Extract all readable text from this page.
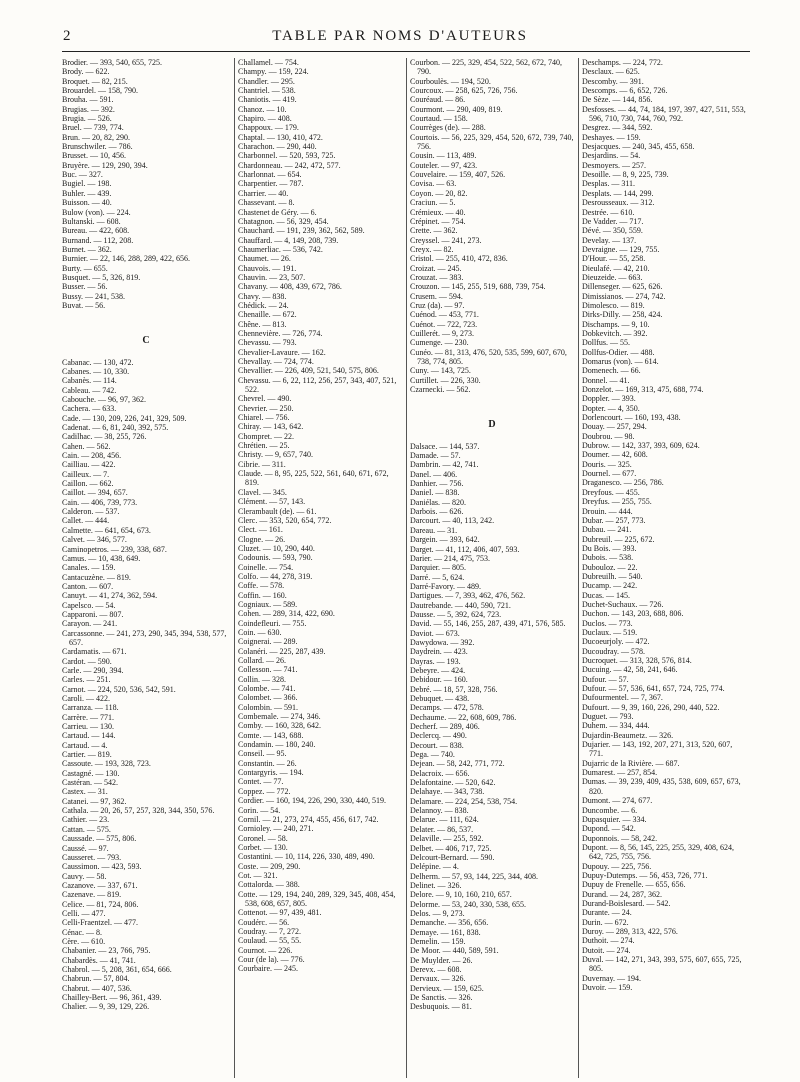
2	TABLE PAR NOMS D'AUTEURS
Brodier. — 393, 540, 655, 725.
Brody. — 622.
Broquet. — 82, 215.
Brouardel. — 158, 790.
Brouha. — 591.
Brugias. — 392.
Brugia. — 526.
Bruel. — 739, 774.
Brun. — 20, 82, 290.
Brunschwiler. — 786.
Brusset. — 10, 456.
Bruyère. — 129, 290, 394.
Buc. — 327.
Bugiel. — 198.
Buhler. — 439.
Buisson. — 40.
Bulow (von). — 224.
Bultanski. — 608.
Bureau. — 422, 608.
Burnand. — 112, 208.
Burnet. — 362.
Burnier. — 22, 146, 288, 289, 422, 656.
Burty. — 655.
Busquet. — 5, 326, 819.
Busser. — 56.
Bussy. — 241, 538.
Buvat. — 56.
C
Cabanac. — 130, 472.
Cabanes. — 10, 330.
Cabanès. — 114.
Cableau. — 742.
Cabouche. — 96, 97, 362.
Cachera. — 633.
Cade. — 130, 209, 226, 241, 329, 509.
Cadenat. — 6, 81, 240, 392, 575.
Cadilhac. — 38, 255, 726.
Cahen. — 562.
Cain. — 208, 456.
Cailliau. — 422.
Cailleux. — 7.
Caillon. — 662.
Caillot. — 394, 657.
Cain. — 406, 739, 773.
Calderon. — 537.
Callet. — 444.
Calmette. — 641, 654, 673.
Calvet. — 346, 577.
Caminopetros. — 239, 338, 687.
Camus. — 10, 438, 649.
Canales. — 159.
Cantacuzène. — 819.
Canton. — 607.
Canuyt. — 41, 274, 362, 594.
Capelsco. — 54.
Capparoni. — 807.
Carayon. — 241.
Carcassonne. — 241, 273, 290, 345, 394, 538, 577, 657.
Cardamatis. — 671.
Cardot. — 590.
Carle. — 290, 394.
Carles. — 251.
Carnot. — 224, 520, 536, 542, 591.
Caroli. — 422.
Carranza. — 118.
Carrère. — 771.
Carrieu. — 130.
Cartaud. — 144.
Cartaud. — 4.
Cartier. — 819.
Cassoute. — 193, 328, 723.
Castagné. — 130.
Castéran. — 542.
Castex. — 31.
Catanei. — 97, 362.
Cathala. — 20, 26, 57, 257, 328, 344, 350, 576.
Cathier. — 23.
Cattan. — 575.
Caussade. — 575, 806.
Caussé. — 97.
Causseret. — 793.
Caussimon. — 423, 593.
Cauvy. — 58.
Cazanove. — 337, 671.
Cazenave. — 819.
Celice. — 81, 724, 806.
Celli. — 477.
Celli-Fraentzel. — 477.
Cénac. — 8.
Cère. — 610.
Chabanier. — 23, 766, 795.
Chabardès. — 41, 741.
Chabrol. — 5, 208, 361, 654, 666.
Chabrun. — 57, 804.
Chabrut. — 407, 536.
Chailley-Bert. — 96, 361, 439.
Chalier. — 9, 39, 129, 226.
Challamel. — 754.
Champy. — 159, 224.
Chandler. — 295.
Chantriel. — 538.
Chaniotis. — 419.
Chanoz. — 10.
Chapiro. — 408.
Chappoux. — 179.
Chaptal. — 130, 410, 472.
Charachon. — 290, 440.
Charbonnel. — 520, 593, 725.
Chardonneau. — 242, 472, 577.
Charlonnat. — 654.
Charpentier. — 787.
Charrier. — 40.
Chassevant. — 8.
Chastenet de Géry. — 6.
Chatagnon. — 56, 329, 454.
Chauchard. — 191, 239, 362, 562, 589.
Chauffard. — 4, 149, 208, 739.
Chaumerliac. — 536, 742.
Chaumet. — 26.
Chauvois. — 191.
Chauvin. — 23, 507.
Chavany. — 408, 439, 672, 786.
Chavy. — 838.
Chédick. — 24.
Chenaille. — 672.
Chêne. — 813.
Chennevière. — 726, 774.
Chevassu. — 793.
Chevalier-Lavaure. — 162.
Chevallay. — 724, 774.
Chevallier. — 226, 409, 521, 540, 575, 806.
Chevassu. — 6, 22, 112, 256, 257, 343, 407, 521, 522.
Chevrel. — 490.
Chevrier. — 250.
Chiarel. — 756.
Chiray. — 143, 642.
Chompret. — 22.
Chrétien. — 25.
Christy. — 9, 657, 740.
Cibrie. — 311.
Claude. — 8, 95, 225, 522, 561, 640, 671, 672, 819.
Clavel. — 345.
Clément. — 57, 143.
Clerambault (de). — 61.
Clerc. — 353, 520, 654, 772.
Clect. — 161.
Clogne. — 26.
Cluzet. — 10, 290, 440.
Codounis. — 593, 790.
Coinelle. — 754.
Colfo. — 44, 278, 319.
Coffe. — 578.
Coffin. — 160.
Cogniaux. — 589.
Cohen. — 289, 314, 422, 690.
Coindefleuri. — 755.
Coin. — 630.
Coignerai. — 289.
Colanéri. — 225, 287, 439.
Collard. — 26.
Collesson. — 741.
Collin. — 328.
Colombe. — 741.
Colombet. — 366.
Colombin. — 591.
Combemale. — 274, 346.
Comby. — 160, 328, 642.
Comte. — 143, 688.
Condamin. — 180, 240.
Conseil. — 95.
Constantin. — 26.
Contargyris. — 194.
Contet. — 77.
Coppez. — 772.
Cordier. — 160, 194, 226, 290, 330, 440, 519.
Corin. — 54.
Cornil. — 21, 273, 274, 455, 456, 617, 742.
Cornioley. — 240, 271.
Coronel. — 58.
Corbet. — 130.
Costantini. — 10, 114, 226, 330, 489, 490.
Coste. — 209, 290.
Cot. — 321.
Cottalorda. — 388.
Cotte. — 129, 194, 240, 289, 329, 345, 408, 454, 538, 608, 657, 805.
Cottenot. — 97, 439, 481.
Coudérc. — 56.
Coudray. — 7, 272.
Coulaud. — 55, 55.
Cournot. — 226.
Cour (de la). — 776.
Courbaire. — 245.
Courbon. — 225, 329, 454, 522, 562, 672, 740, 790.
Courboulès. — 194, 520.
Courcoux. — 258, 625, 726, 756.
Couréaud. — 86.
Courmont. — 290, 409, 819.
Courtaud. — 158.
Courrèges (de). — 288.
Courtois. — 56, 225, 329, 454, 520, 672, 739, 740, 756.
Cousin. — 113, 489.
Couteler. — 97, 423.
Couvelaire. — 159, 407, 526.
Covisa. — 63.
Coyon. — 20, 82.
Craciun. — 5.
Crémieux. — 40.
Crépinet. — 754.
Crette. — 362.
Creyssel. — 241, 273.
Creyx. — 82.
Cristol. — 255, 410, 472, 836.
Croizat. — 245.
Crouzat. — 383.
Crouzon. — 145, 255, 519, 688, 739, 754.
Crusem. — 594.
Cruz (da). — 97.
Cuénod. — 453, 771.
Cuénot. — 722, 723.
Cuillerét. — 9, 273.
Cumenge. — 230.
Cunéo. — 81, 313, 476, 520, 535, 599, 607, 670, 738, 774, 805.
Cuny. — 143, 725.
Curtillet. — 226, 330.
Czarnecki. — 562.
D
Dalsace. — 144, 537.
Damade. — 57.
Dambrin. — 42, 741.
Danel. — 406.
Danhier. — 756.
Daniel. — 838.
Daniélas. — 820.
Darbois. — 626.
Darcourt. — 40, 113, 242.
Dareau. — 31.
Dargein. — 393, 642.
Darget. — 41, 112, 406, 407, 593.
Darier. — 214, 475, 753.
Darquier. — 805.
Darré. — 5, 624.
Darré-Favory. — 489.
Dartigues. — 7, 393, 462, 476, 562.
Dautrebande. — 440, 590, 721.
Dausse. — 5, 392, 624, 723.
David. — 55, 146, 255, 287, 439, 471, 576, 585.
Daviot. — 673.
Dawydowa. — 392.
Daydrein. — 423.
Dayras. — 193.
Debeyre. — 424.
Debidour. — 160.
Debré. — 18, 57, 328, 756.
Debuquet. — 438.
Decamps. — 472, 578.
Dechaume. — 22, 608, 609, 786.
Decherf. — 289, 406.
Declercq. — 490.
Decourt. — 838.
Dega. — 740.
Dejean. — 58, 242, 771, 772.
Delacroix. — 656.
Delafontaine. — 520, 642.
Delahaye. — 343, 738.
Delamare. — 224, 254, 538, 754.
Delannoy. — 838.
Delarue. — 111, 624.
Delater. — 86, 537.
Delaville. — 255, 592.
Delbet. — 406, 717, 725.
Delcourt-Bernard. — 590.
Delépine. — 4.
Delherm. — 57, 93, 144, 225, 344, 408.
Delinet. — 326.
Delore. — 9, 10, 160, 210, 657.
Delorme. — 53, 240, 330, 538, 655.
Delos. — 9, 273.
Demanche. — 356, 656.
Demaye. — 161, 838.
Demelin. — 159.
De Moor. — 440, 589, 591.
De Muylder. — 26.
Derevx. — 608.
Dervaux. — 326.
Dervieux. — 159, 625.
De Sanctis. — 326.
Desbuquois. — 81.
Deschamps. — 224, 772.
Desclaux. — 625.
Descomby. — 391.
Descomps. — 6, 652, 726.
De Sèze. — 144, 856.
Desfosses. — 44, 74, 184, 197, 397, 427, 511, 553, 596, 710, 730, 744, 760, 792.
Desgrez. — 344, 592.
Deshayes. — 159.
Desjacques. — 240, 345, 455, 658.
Desjardins. — 54.
Desmoyers. — 257.
Desoille. — 8, 9, 225, 739.
Desplas. — 311.
Desplats. — 144, 299.
Desrousseaux. — 312.
Destrée. — 610.
De Vadder. — 717.
Dévé. — 350, 559.
Develay. — 137.
Devraigne. — 129, 755.
D'Hour. — 55, 258.
Dieulafé. — 42, 210.
Dieuzeide. — 663.
Dillenseger. — 625, 626.
Dimissianos. — 274, 742.
Dimolesco. — 819.
Dirks-Dilly. — 258, 424.
Dischamps. — 9, 10.
Dobkevitch. — 392.
Dollfus. — 55.
Dollfus-Odier. — 488.
Domarus (von). — 614.
Domenech. — 66.
Donnel. — 41.
Donzelot. — 169, 313, 475, 688, 774.
Doppler. — 393.
Dopter. — 4, 350.
Dorlencourt. — 160, 193, 438.
Douay. — 257, 294.
Doubrou. — 98.
Dubrow. — 142, 337, 393, 609, 624.
Doumer. — 42, 608.
Douris. — 325.
Dournel. — 677.
Draganesco. — 256, 786.
Dreyfous. — 455.
Dreyfus. — 255, 755.
Drouin. — 444.
Dubar. — 257, 773.
Dubau. — 241.
Dubreuil. — 225, 672.
Du Bois. — 393.
Dubois. — 538.
Dubouloz. — 22.
Dubreuilh. — 540.
Ducamp. — 242.
Ducas. — 145.
Duchet-Suchaux. — 726.
Duchon. — 143, 203, 688, 806.
Duclos. — 773.
Duclaux. — 519.
Ducoeurjoly. — 472.
Ducoudray. — 578.
Ducroquet. — 313, 328, 576, 814.
Ducuing. — 42, 58, 241, 646.
Dufour. — 57.
Dufour. — 57, 536, 641, 657, 724, 725, 774.
Dufourmentel. — 7, 367.
Dufourt. — 9, 39, 160, 226, 290, 440, 522.
Duguet. — 793.
Duhem. — 334, 444.
Dujardin-Beaumetz. — 326.
Dujarier. — 143, 192, 207, 271, 313, 520, 607, 771.
Dujarric de la Rivière. — 687.
Dumarest. — 257, 854.
Dumas. — 39, 239, 409, 435, 538, 609, 657, 673, 820.
Dumont. — 274, 677.
Duncombe. — 6.
Dupasquier. — 334.
Dupond. — 542.
Duponnois. — 58, 242.
Dupont. — 8, 56, 145, 225, 255, 329, 408, 624, 642, 725, 755, 756.
Dupouy. — 225, 756.
Dupuy-Dutemps. — 56, 453, 726, 771.
Dupuy de Frenelle. — 655, 656.
Durand. — 24, 287, 362.
Durand-Boislesard. — 542.
Durante. — 24.
Durin. — 672.
Duroy. — 289, 313, 422, 576.
Duthoit. — 274.
Dutoit. — 274.
Duval. — 142, 271, 343, 393, 575, 607, 655, 725, 805.
Duvernay. — 194.
Duvoir. — 159.
